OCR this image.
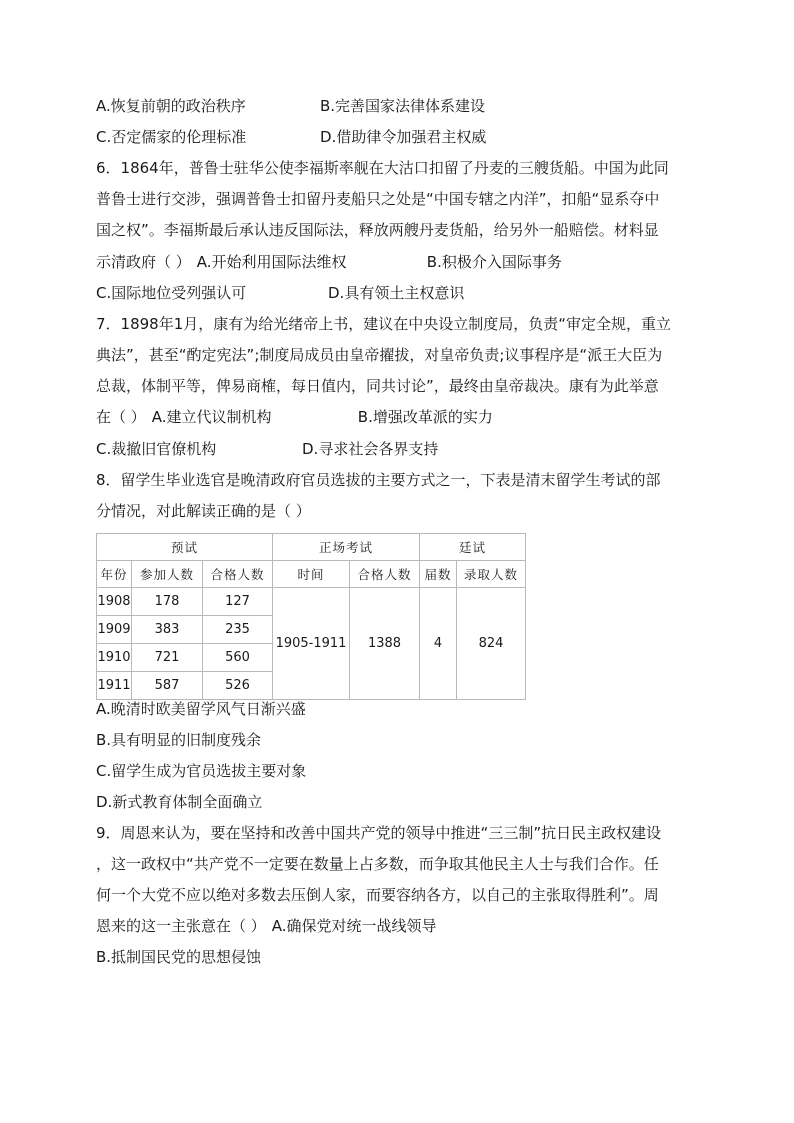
A.恢复前朝的政治秩序	B.完善国家法律体系建设
C.否定儒家的伦理标准	D.借助律令加强君主权威
6．1864年，普鲁士驻华公使李福斯率舰在大沽口扣留了丹麦的三艘货船。中国为此同
普鲁士进行交涉，强调普鲁士扣留丹麦船只之处是“中国专辖之内洋”，扣船“显系夺中
国之权”。李福斯最后承认违反国际法，释放两艘丹麦货船，给另外一船赔偿。材料显
示清政府（ ） A.开始利用国际法维权	B.积极介入国际事务
C.国际地位受列强认可	D.具有领土主权意识
7．1898年1月，康有为给光绪帝上书，建议在中央设立制度局，负责“审定全规，重立
典法”，甚至“酌定宪法”;制度局成员由皇帝擢拔，对皇帝负责;议事程序是“派王大臣为
总裁，体制平等，俾易商榷，每日值内，同共讨论”，最终由皇帝裁决。康有为此举意
在（ ） A.建立代议制机构	B.增强改革派的实力
C.裁撤旧官僚机构	D.寻求社会各界支持
8．留学生毕业选官是晚清政府官员选拔的主要方式之一，下表是清末留学生考试的部
分情况，对此解读正确的是（ ）
预试			正场考试		廷试	
年份	参加人数	合格人数	时间	合格人数	届数	录取人数
1908	178	127	1905-1911	1388	4	824
1909	383	235				
1910	721	560				
1911	587	526				
A.晚清时欧美留学风气日渐兴盛
B.具有明显的旧制度残余
C.留学生成为官员选拔主要对象
D.新式教育体制全面确立
9．周恩来认为，要在坚持和改善中国共产党的领导中推进“三三制”抗日民主政权建设
，这一政权中“共产党不一定要在数量上占多数，而争取其他民主人士与我们合作。任
何一个大党不应以绝对多数去压倒人家，而要容纳各方，以自己的主张取得胜利”。周
恩来的这一主张意在（ ） A.确保党对统一战线领导
B.抵制国民党的思想侵蚀
